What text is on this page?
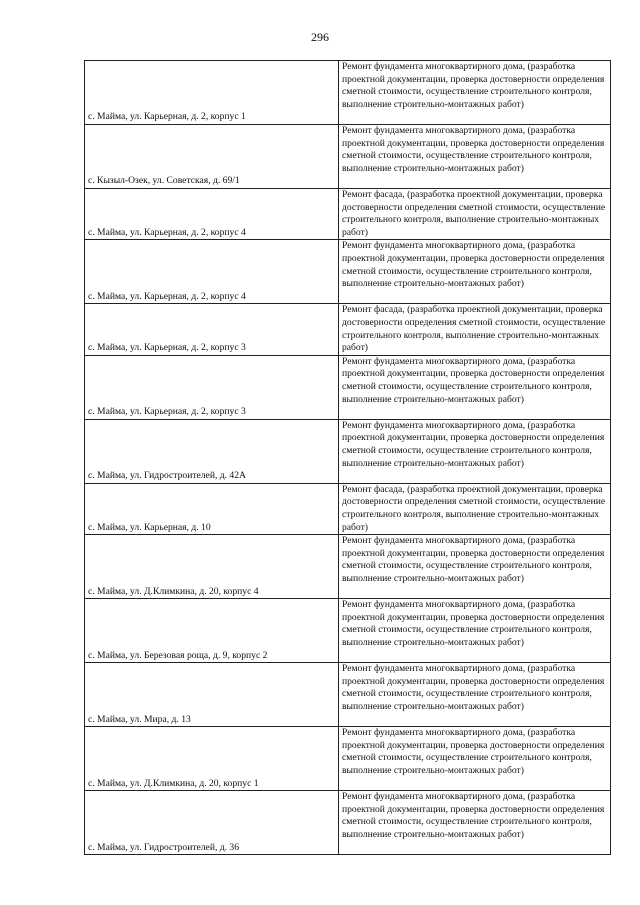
296
с. Майма, ул. Карьерная, д. 2, корпус 1	Ремонт фундамента многоквартирного дома, (разработка проектной документации, проверка достоверности определения сметной стоимости, осуществление строительного контроля, выполнение строительно-монтажных работ)
с. Кызыл-Озек, ул. Советская, д. 69/1	Ремонт фундамента многоквартирного дома, (разработка проектной документации, проверка достоверности определения сметной стоимости, осуществление строительного контроля, выполнение строительно-монтажных работ)
с. Майма, ул. Карьерная, д. 2, корпус 4	Ремонт фасада, (разработка проектной документации, проверка достоверности определения сметной стоимости, осуществление строительного контроля, выполнение строительно-монтажных работ)
с. Майма, ул. Карьерная, д. 2, корпус 4	Ремонт фундамента многоквартирного дома, (разработка проектной документации, проверка достоверности определения сметной стоимости, осуществление строительного контроля, выполнение строительно-монтажных работ)
с. Майма, ул. Карьерная, д. 2, корпус 3	Ремонт фасада, (разработка проектной документации, проверка достоверности определения сметной стоимости, осуществление строительного контроля, выполнение строительно-монтажных работ)
с. Майма, ул. Карьерная, д. 2, корпус 3	Ремонт фундамента многоквартирного дома, (разработка проектной документации, проверка достоверности определения сметной стоимости, осуществление строительного контроля, выполнение строительно-монтажных работ)
с. Майма, ул. Гидростроителей, д. 42А	Ремонт фундамента многоквартирного дома, (разработка проектной документации, проверка достоверности определения сметной стоимости, осуществление строительного контроля, выполнение строительно-монтажных работ)
с. Майма, ул. Карьерная, д. 10	Ремонт фасада, (разработка проектной документации, проверка достоверности определения сметной стоимости, осуществление строительного контроля, выполнение строительно-монтажных работ)
с. Майма, ул. Д.Климкина, д. 20, корпус 4	Ремонт фундамента многоквартирного дома, (разработка проектной документации, проверка достоверности определения сметной стоимости, осуществление строительного контроля, выполнение строительно-монтажных работ)
с. Майма, ул. Березовая роща, д. 9, корпус 2	Ремонт фундамента многоквартирного дома, (разработка проектной документации, проверка достоверности определения сметной стоимости, осуществление строительного контроля, выполнение строительно-монтажных работ)
с. Майма, ул. Мира, д. 13	Ремонт фундамента многоквартирного дома, (разработка проектной документации, проверка достоверности определения сметной стоимости, осуществление строительного контроля, выполнение строительно-монтажных работ)
с. Майма, ул. Д.Климкина, д. 20, корпус 1	Ремонт фундамента многоквартирного дома, (разработка проектной документации, проверка достоверности определения сметной стоимости, осуществление строительного контроля, выполнение строительно-монтажных работ)
с. Майма, ул. Гидростроителей, д. 36	Ремонт фундамента многоквартирного дома, (разработка проектной документации, проверка достоверности определения сметной стоимости, осуществление строительного контроля, выполнение строительно-монтажных работ)
